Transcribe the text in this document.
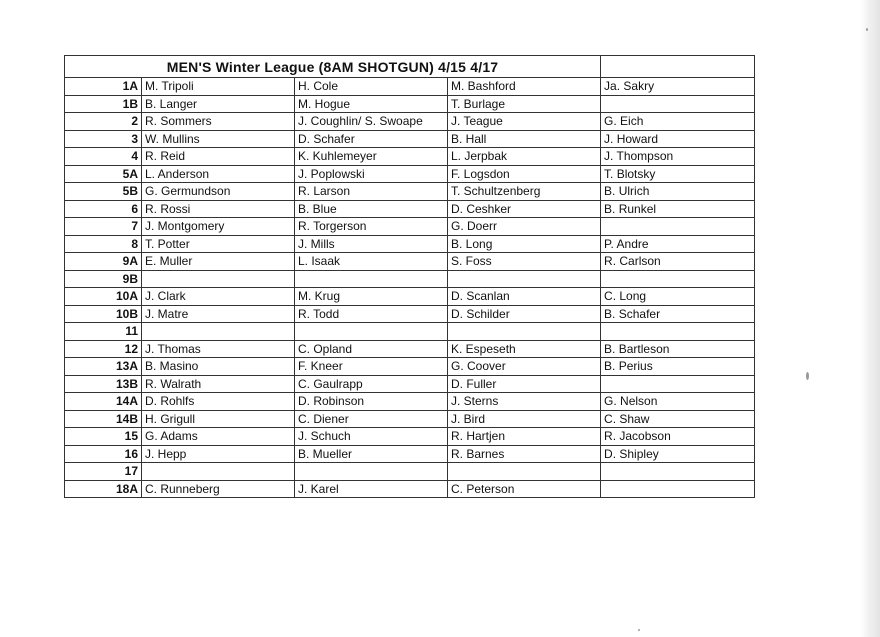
MEN'S Winter League (8AM SHOTGUN) 4/15 4/17				
1A	M. Tripoli	H. Cole	M. Bashford	Ja. Sakry
1B	B. Langer	M. Hogue	T. Burlage	
2	R. Sommers	J. Coughlin/ S. Swoape	J. Teague	G. Eich
3	W. Mullins	D. Schafer	B. Hall	J. Howard
4	R. Reid	K. Kuhlemeyer	L. Jerpbak	J. Thompson
5A	L. Anderson	J. Poplowski	F. Logsdon	T. Blotsky
5B	G. Germundson	R. Larson	T. Schultzenberg	B. Ulrich
6	R. Rossi	B. Blue	D. Ceshker	B. Runkel
7	J. Montgomery	R. Torgerson	G. Doerr	
8	T. Potter	J. Mills	B. Long	P. Andre
9A	E. Muller	L. Isaak	S. Foss	R. Carlson
9B				
10A	J. Clark	M. Krug	D. Scanlan	C. Long
10B	J. Matre	R. Todd	D. Schilder	B. Schafer
11				
12	J. Thomas	C. Opland	K. Espeseth	B. Bartleson
13A	B. Masino	F. Kneer	G. Coover	B. Perius
13B	R. Walrath	C. Gaulrapp	D. Fuller	
14A	D. Rohlfs	D. Robinson	J. Sterns	G. Nelson
14B	H. Grigull	C. Diener	J. Bird	C. Shaw
15	G. Adams	J. Schuch	R. Hartjen	R. Jacobson
16	J. Hepp	B. Mueller	R. Barnes	D. Shipley
17				
18A	C. Runneberg	J. Karel	C. Peterson	
